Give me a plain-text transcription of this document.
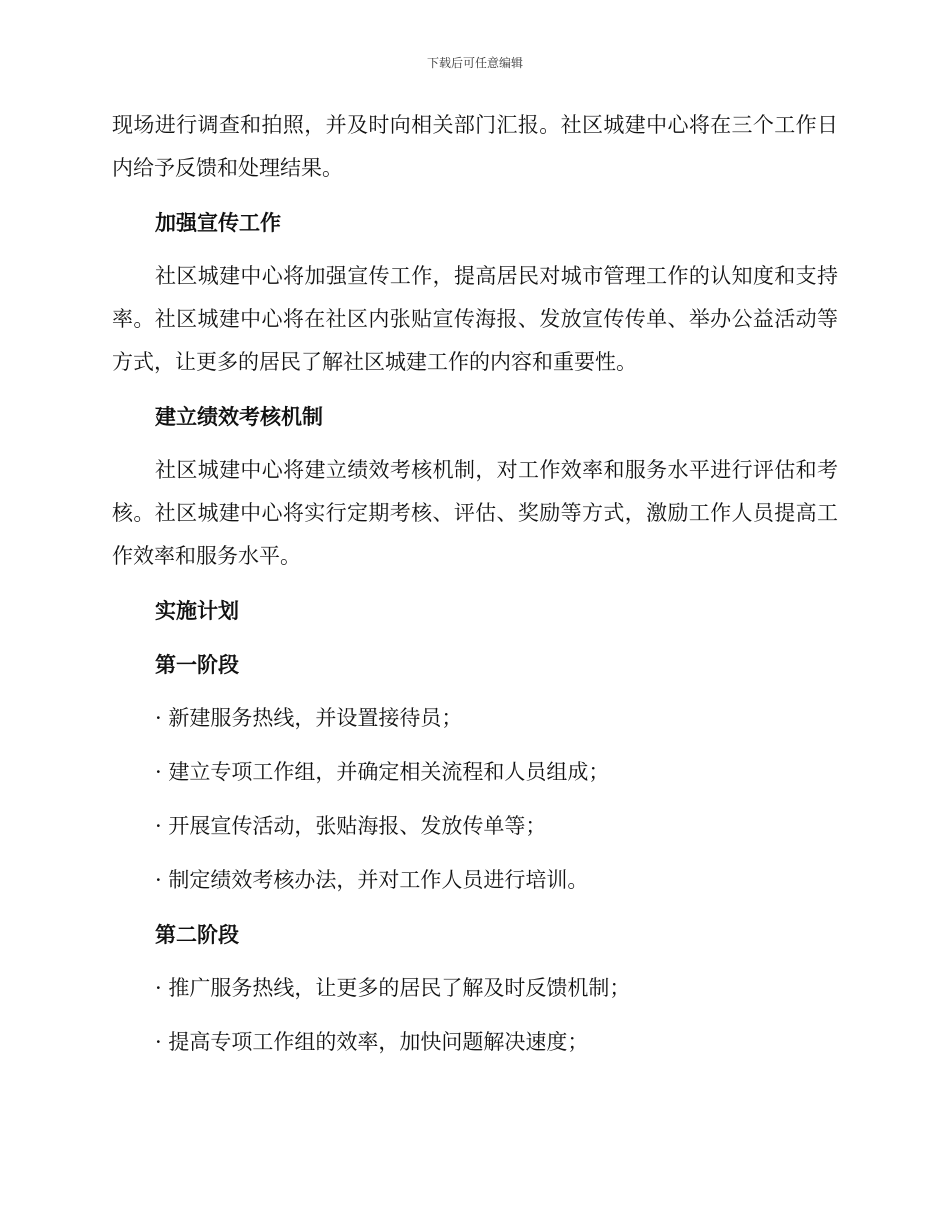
下载后可任意编辑

现场进行调查和拍照，并及时向相关部门汇报。社区城建中心将在三个工作日内给予反馈和处理结果。

加强宣传工作

社区城建中心将加强宣传工作，提高居民对城市管理工作的认知度和支持率。社区城建中心将在社区内张贴宣传海报、发放宣传传单、举办公益活动等方式，让更多的居民了解社区城建工作的内容和重要性。

建立绩效考核机制

社区城建中心将建立绩效考核机制，对工作效率和服务水平进行评估和考核。社区城建中心将实行定期考核、评估、奖励等方式，激励工作人员提高工作效率和服务水平。

实施计划

第一阶段

· 新建服务热线，并设置接待员；

· 建立专项工作组，并确定相关流程和人员组成；

· 开展宣传活动，张贴海报、发放传单等；

· 制定绩效考核办法，并对工作人员进行培训。

第二阶段

· 推广服务热线，让更多的居民了解及时反馈机制；

· 提高专项工作组的效率，加快问题解决速度；
